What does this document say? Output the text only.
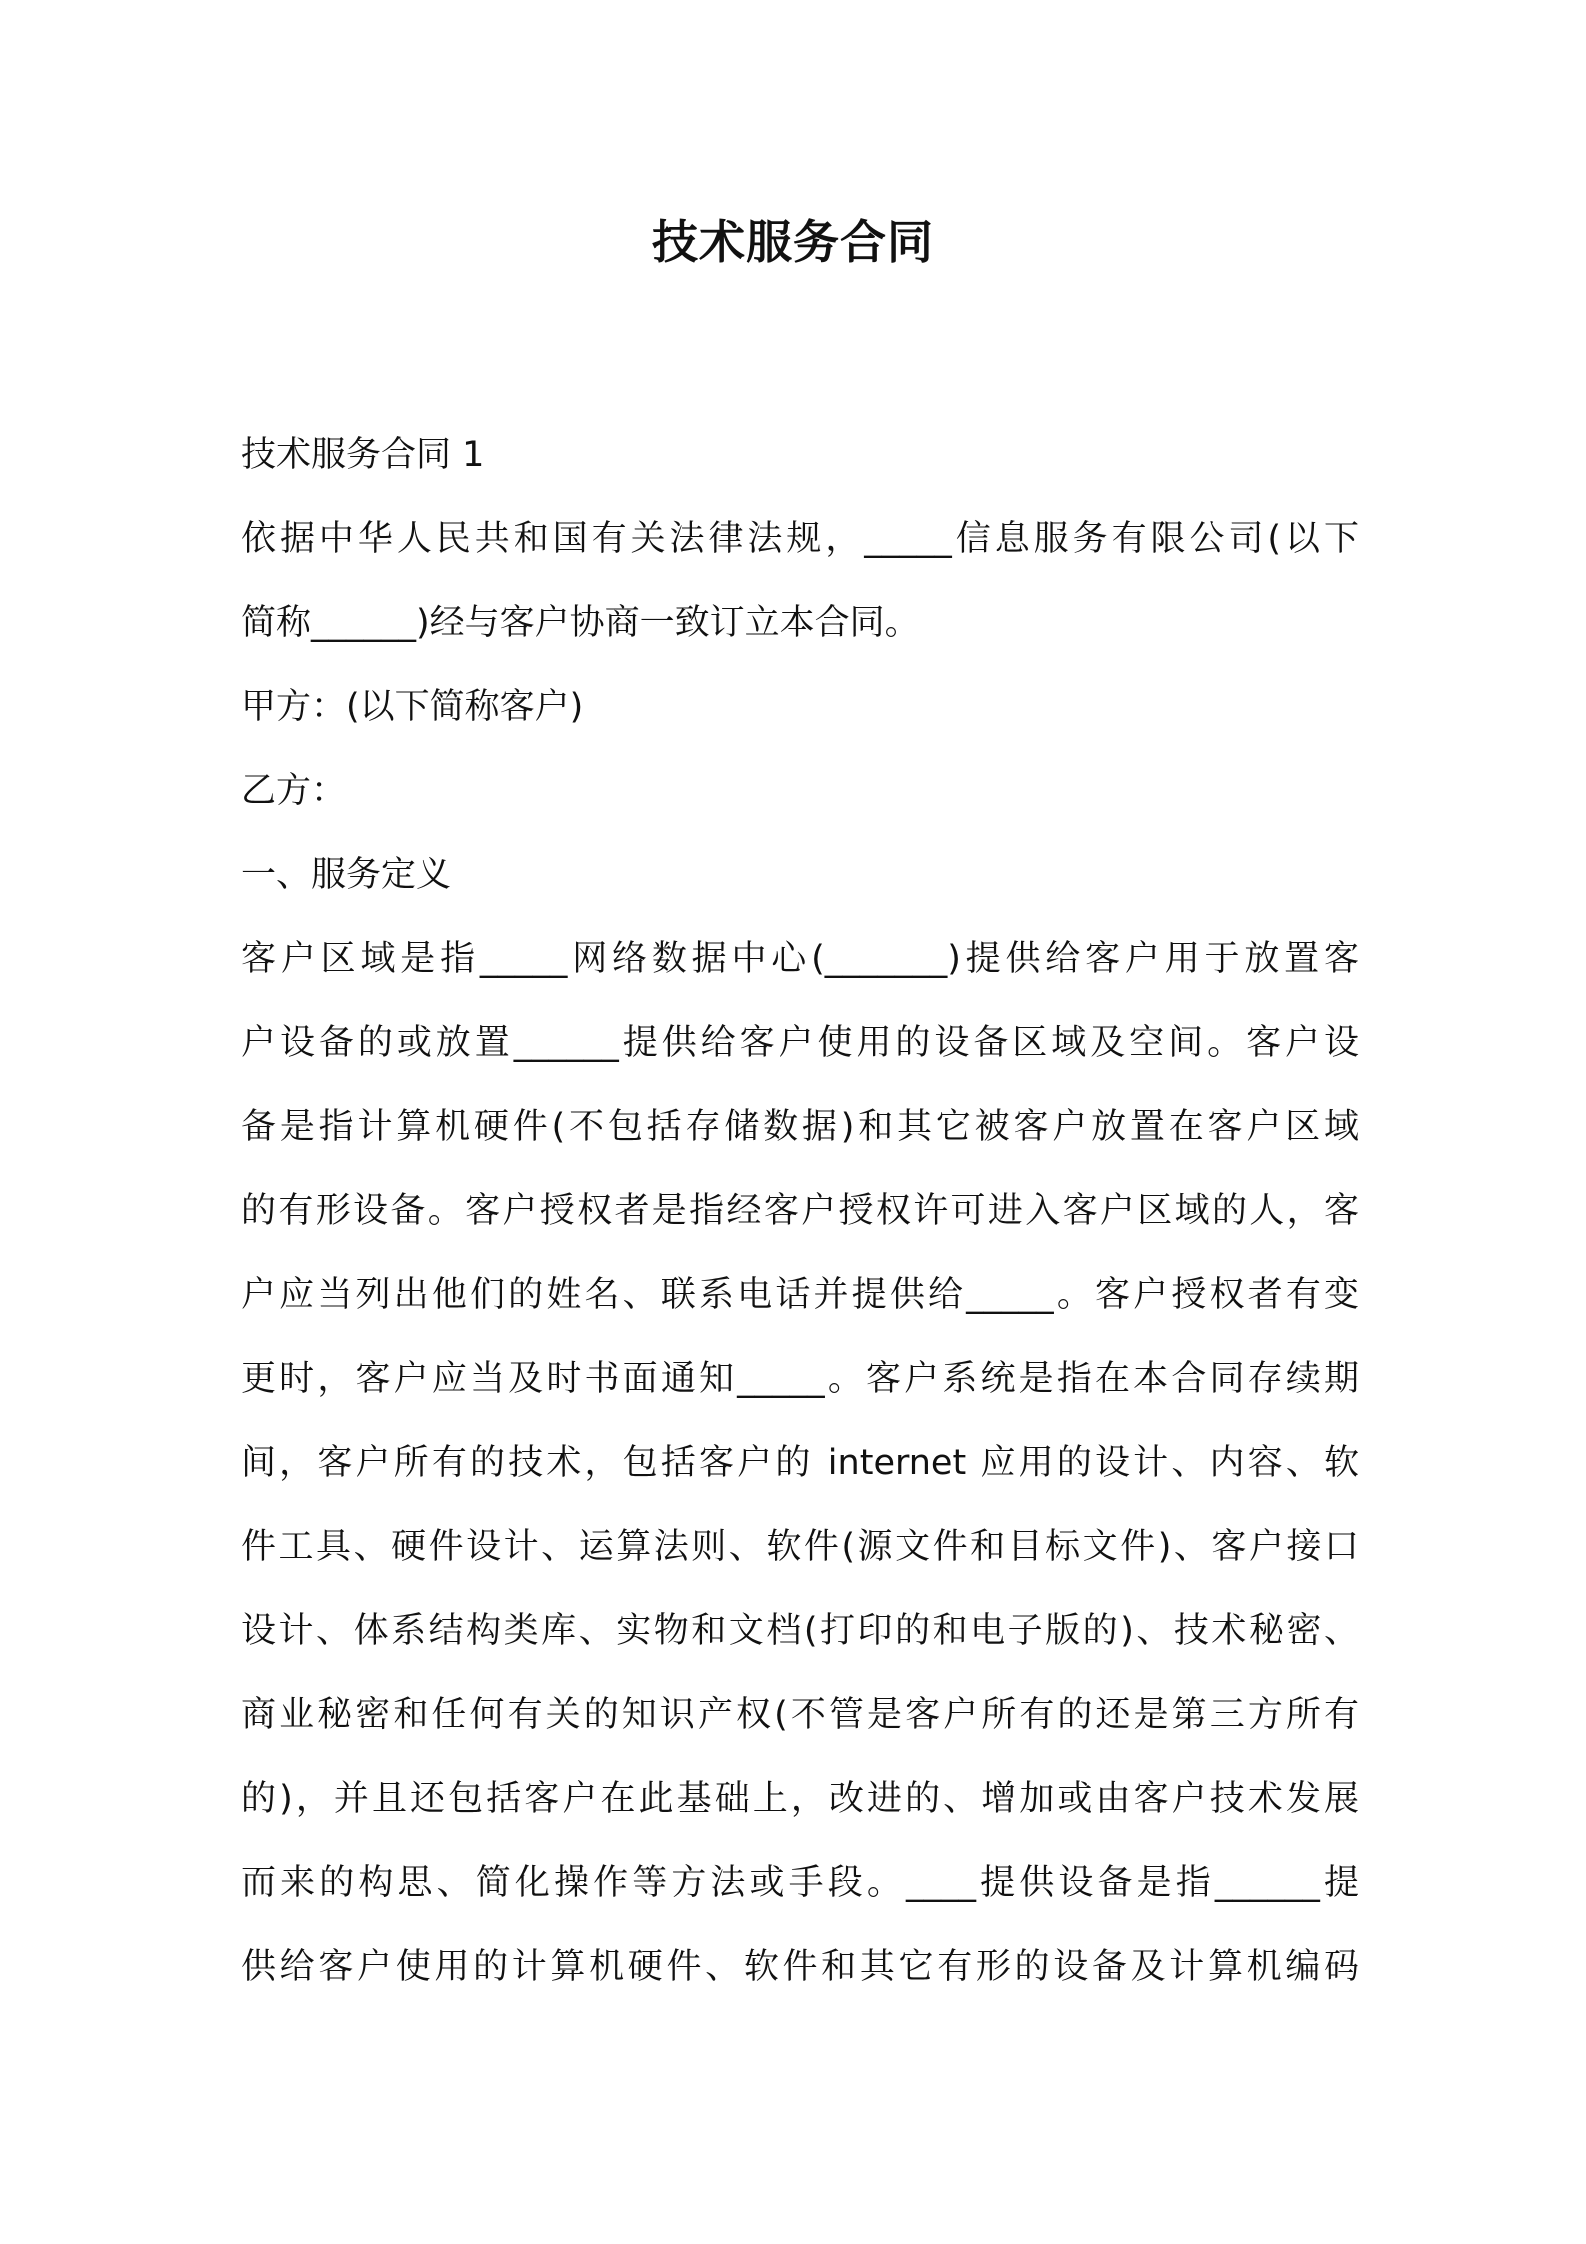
技术服务合同
技术服务合同 1
依据中华人民共和国有关法律法规，_____信息服务有限公司(以下
简称______)经与客户协商一致订立本合同。
甲方：(以下简称客户)
乙方：
一、服务定义
客户区域是指_____网络数据中心(_______)提供给客户用于放置客
户设备的或放置______提供给客户使用的设备区域及空间。客户设
备是指计算机硬件(不包括存储数据)和其它被客户放置在客户区域
的有形设备。客户授权者是指经客户授权许可进入客户区域的人，客
户应当列出他们的姓名、联系电话并提供给_____。客户授权者有变
更时，客户应当及时书面通知_____。客户系统是指在本合同存续期
间，客户所有的技术，包括客户的 internet 应用的设计、内容、软
件工具、硬件设计、运算法则、软件(源文件和目标文件)、客户接口
设计、体系结构类库、实物和文档(打印的和电子版的)、技术秘密、
商业秘密和任何有关的知识产权(不管是客户所有的还是第三方所有
的)，并且还包括客户在此基础上，改进的、增加或由客户技术发展
而来的构思、简化操作等方法或手段。____提供设备是指______提
供给客户使用的计算机硬件、软件和其它有形的设备及计算机编码
